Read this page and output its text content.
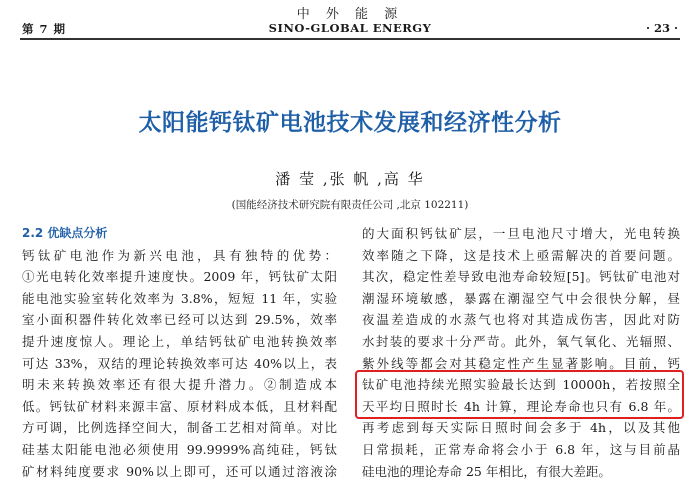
中 外 能 源
第 7 期	SINO-GLOBAL ENERGY	· 23 ·
太阳能钙钛矿电池技术发展和经济性分析
潘 莹 ,张 帆 ,高 华
(国能经济技术研究院有限责任公司 ,北京 102211)
2.2 优缺点分析
钙钛矿电池作为新兴电池，具有独特的优势：
①光电转化效率提升速度快。2009 年，钙钛矿太阳
能电池实验室转化效率为 3.8%，短短 11 年，实验
室小面积器件转化效率已经可以达到 29.5%，效率
提升速度惊人。理论上，单结钙钛矿电池转换效率
可达 33%，双结的理论转换效率可达 40%以上，表
明未来转换效率还有很大提升潜力。②制造成本
低。钙钛矿材料来源丰富、原材料成本低，且材料配
方可调，比例选择空间大，制备工艺相对简单。对比
硅基太阳能电池必须使用 99.9999%高纯硅，钙钛
矿材料纯度要求 90%以上即可，还可以通过溶液涂
的大面积钙钛矿层，一旦电池尺寸增大，光电转换
效率随之下降，这是技术上亟需解决的首要问题。
其次，稳定性差导致电池寿命较短[5]。钙钛矿电池对
潮湿环境敏感，暴露在潮湿空气中会很快分解，昼
夜温差造成的水蒸气也将对其造成伤害，因此对防
水封装的要求十分严苛。此外，氧气氧化、光辐照、
紫外线等都会对其稳定性产生显著影响。目前，钙
钛矿电池持续光照实验最长达到 10000h，若按照全
天平均日照时长 4h 计算，理论寿命也只有 6.8 年。
再考虑到每天实际日照时间会多于 4h，以及其他
日常损耗，正常寿命将会小于 6.8 年，这与目前晶
硅电池的理论寿命 25 年相比，有很大差距。
